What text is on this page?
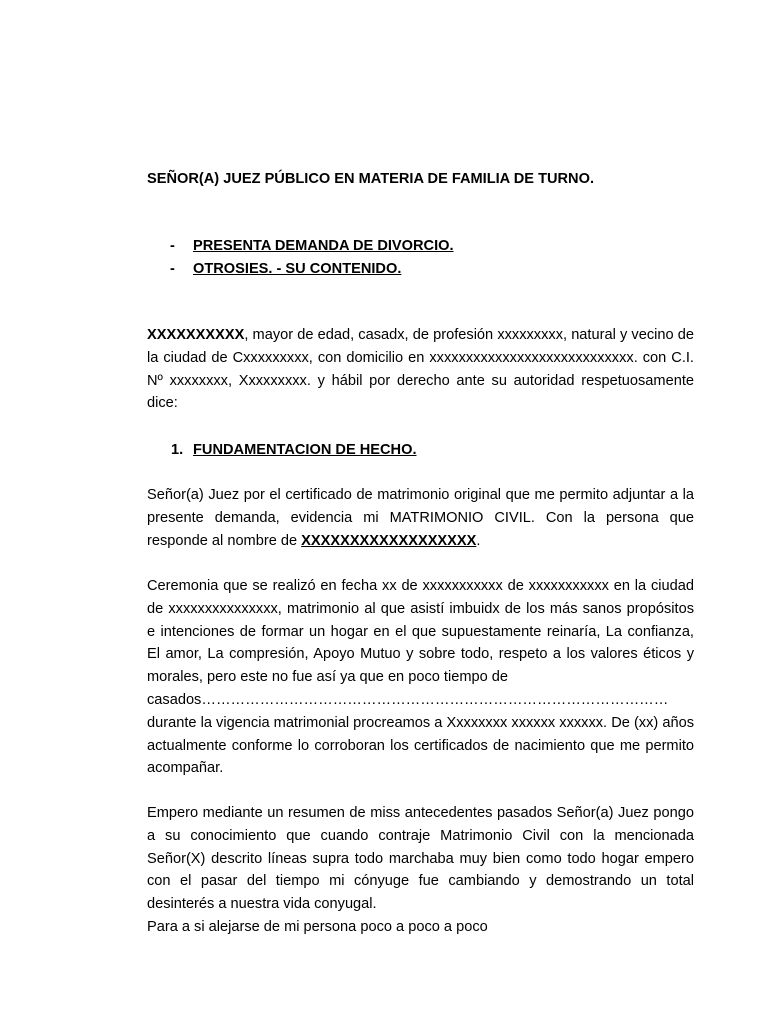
SEÑOR(A) JUEZ PÚBLICO EN MATERIA DE FAMILIA DE TURNO.
- PRESENTA DEMANDA DE DIVORCIO.
- OTROSIES. - SU CONTENIDO.
XXXXXXXXXX, mayor de edad, casadx, de profesión xxxxxxxxx, natural y vecino de la ciudad de Cxxxxxxxxx, con domicilio en xxxxxxxxxxxxxxxxxxxxxxxxxxxx. con C.I. Nº xxxxxxxx, Xxxxxxxxx. y hábil por derecho ante su autoridad respetuosamente dice:
1. FUNDAMENTACION DE HECHO.
Señor(a) Juez por el certificado de matrimonio original que me permito adjuntar a la presente demanda, evidencia mi MATRIMONIO CIVIL. Con la persona que responde al nombre de XXXXXXXXXXXXXXXXXX.
Ceremonia que se realizó en fecha xx de xxxxxxxxxxx de xxxxxxxxxxx en la ciudad de xxxxxxxxxxxxxxx, matrimonio al que asistí imbuidx de los más sanos propósitos e intenciones de formar un hogar en el que supuestamente reinaría, La confianza, El amor, La compresión, Apoyo Mutuo y sobre todo, respeto a los valores éticos y morales, pero este no fue así ya que en poco tiempo de
casados……………………………………………………………………………………
durante la vigencia matrimonial procreamos a Xxxxxxxx xxxxxx xxxxxx. De (xx) años actualmente conforme lo corroboran los certificados de nacimiento que me permito acompañar.
Empero mediante un resumen de miss antecedentes pasados Señor(a) Juez pongo a su conocimiento que cuando contraje Matrimonio Civil con la mencionada Señor(X) descrito líneas supra todo marchaba muy bien como todo hogar empero con el pasar del tiempo mi cónyuge fue cambiando y demostrando un total desinterés a nuestra vida conyugal.
Para a si alejarse de mi persona poco a poco a poco
